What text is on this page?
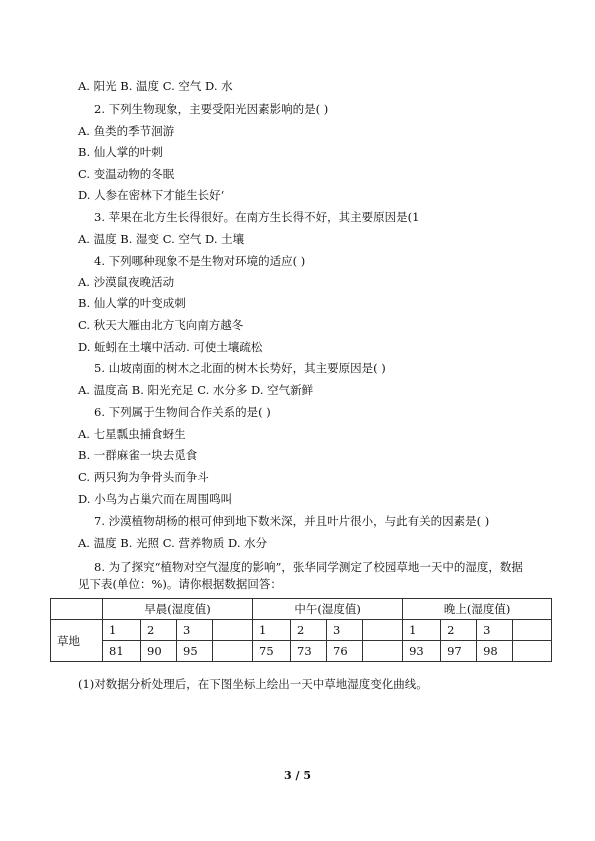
A. 阳光 B. 温度 C. 空气 D. 水
2. 下列生物现象，主要受阳光因素影响的是( )
A. 鱼类的季节洄游
B. 仙人掌的叶刺
C. 变温动物的冬眠
D. 人参在密林下才能生长好‘
3. 苹果在北方生长得很好。在南方生长得不好，其主要原因是(1
A. 温度 B. 湿变 C. 空气 D. 土壤
4. 下列哪种现象不是生物对环境的适应( )
A. 沙漠鼠夜晚活动
B. 仙人掌的叶变成刺
C. 秋天大雁由北方飞向南方越冬
D. 蚯蚓在土壤中活动. 可使土壤疏松
5. 山坡南面的树木之北面的树木长势好，其主要原因是( )
A. 温度高 B. 阳光充足 C. 水分多 D. 空气新鲜
6. 下列属于生物间合作关系的是( )
A. 七星瓢虫捕食蚜生
B. 一群麻雀一块去觅食
C. 两只狗为争骨头而争斗
D. 小鸟为占巢穴而在周围鸣叫
7. 沙漠植物胡杨的根可伸到地下数米深，并且叶片很小，与此有关的因素是( )
A. 温度 B. 光照 C. 营养物质 D. 水分
8. 为了探究“植物对空气湿度的影响”，张华同学测定了校园草地一天中的湿度，数据
见下表(单位：%)。请你根据数据回答：
	早晨(湿度值)				中午(湿度值)				晚上(湿度值)			
草地	1	2	3		1	2	3		1	2	3	
	81	90	95		75	73	76		93	97	98	
(1)对数据分析处理后，在下图坐标上绘出一天中草地湿度变化曲线。
3 / 5
